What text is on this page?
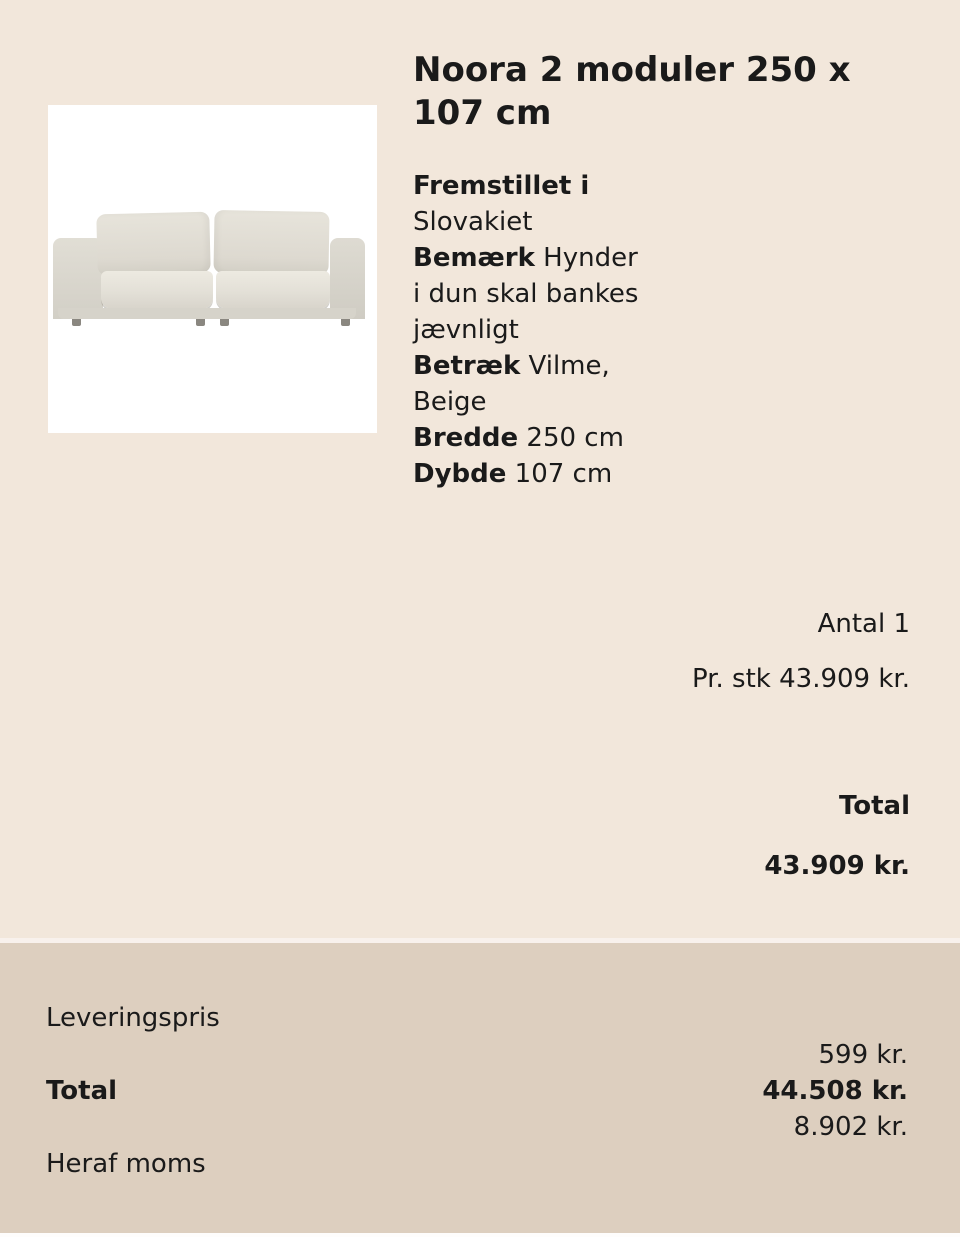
Noora 2 moduler 250 x 107 cm
Fremstillet i
Slovakiet
Bemærk Hynder
i dun skal bankes
jævnligt
Betræk Vilme,
Beige
Bredde 250 cm
Dybde 107 cm
Antal 1
Pr. stk 43.909 kr.
Total
43.909 kr.
Leveringspris
Total
Heraf moms
599 kr.
44.508 kr.
8.902 kr.
